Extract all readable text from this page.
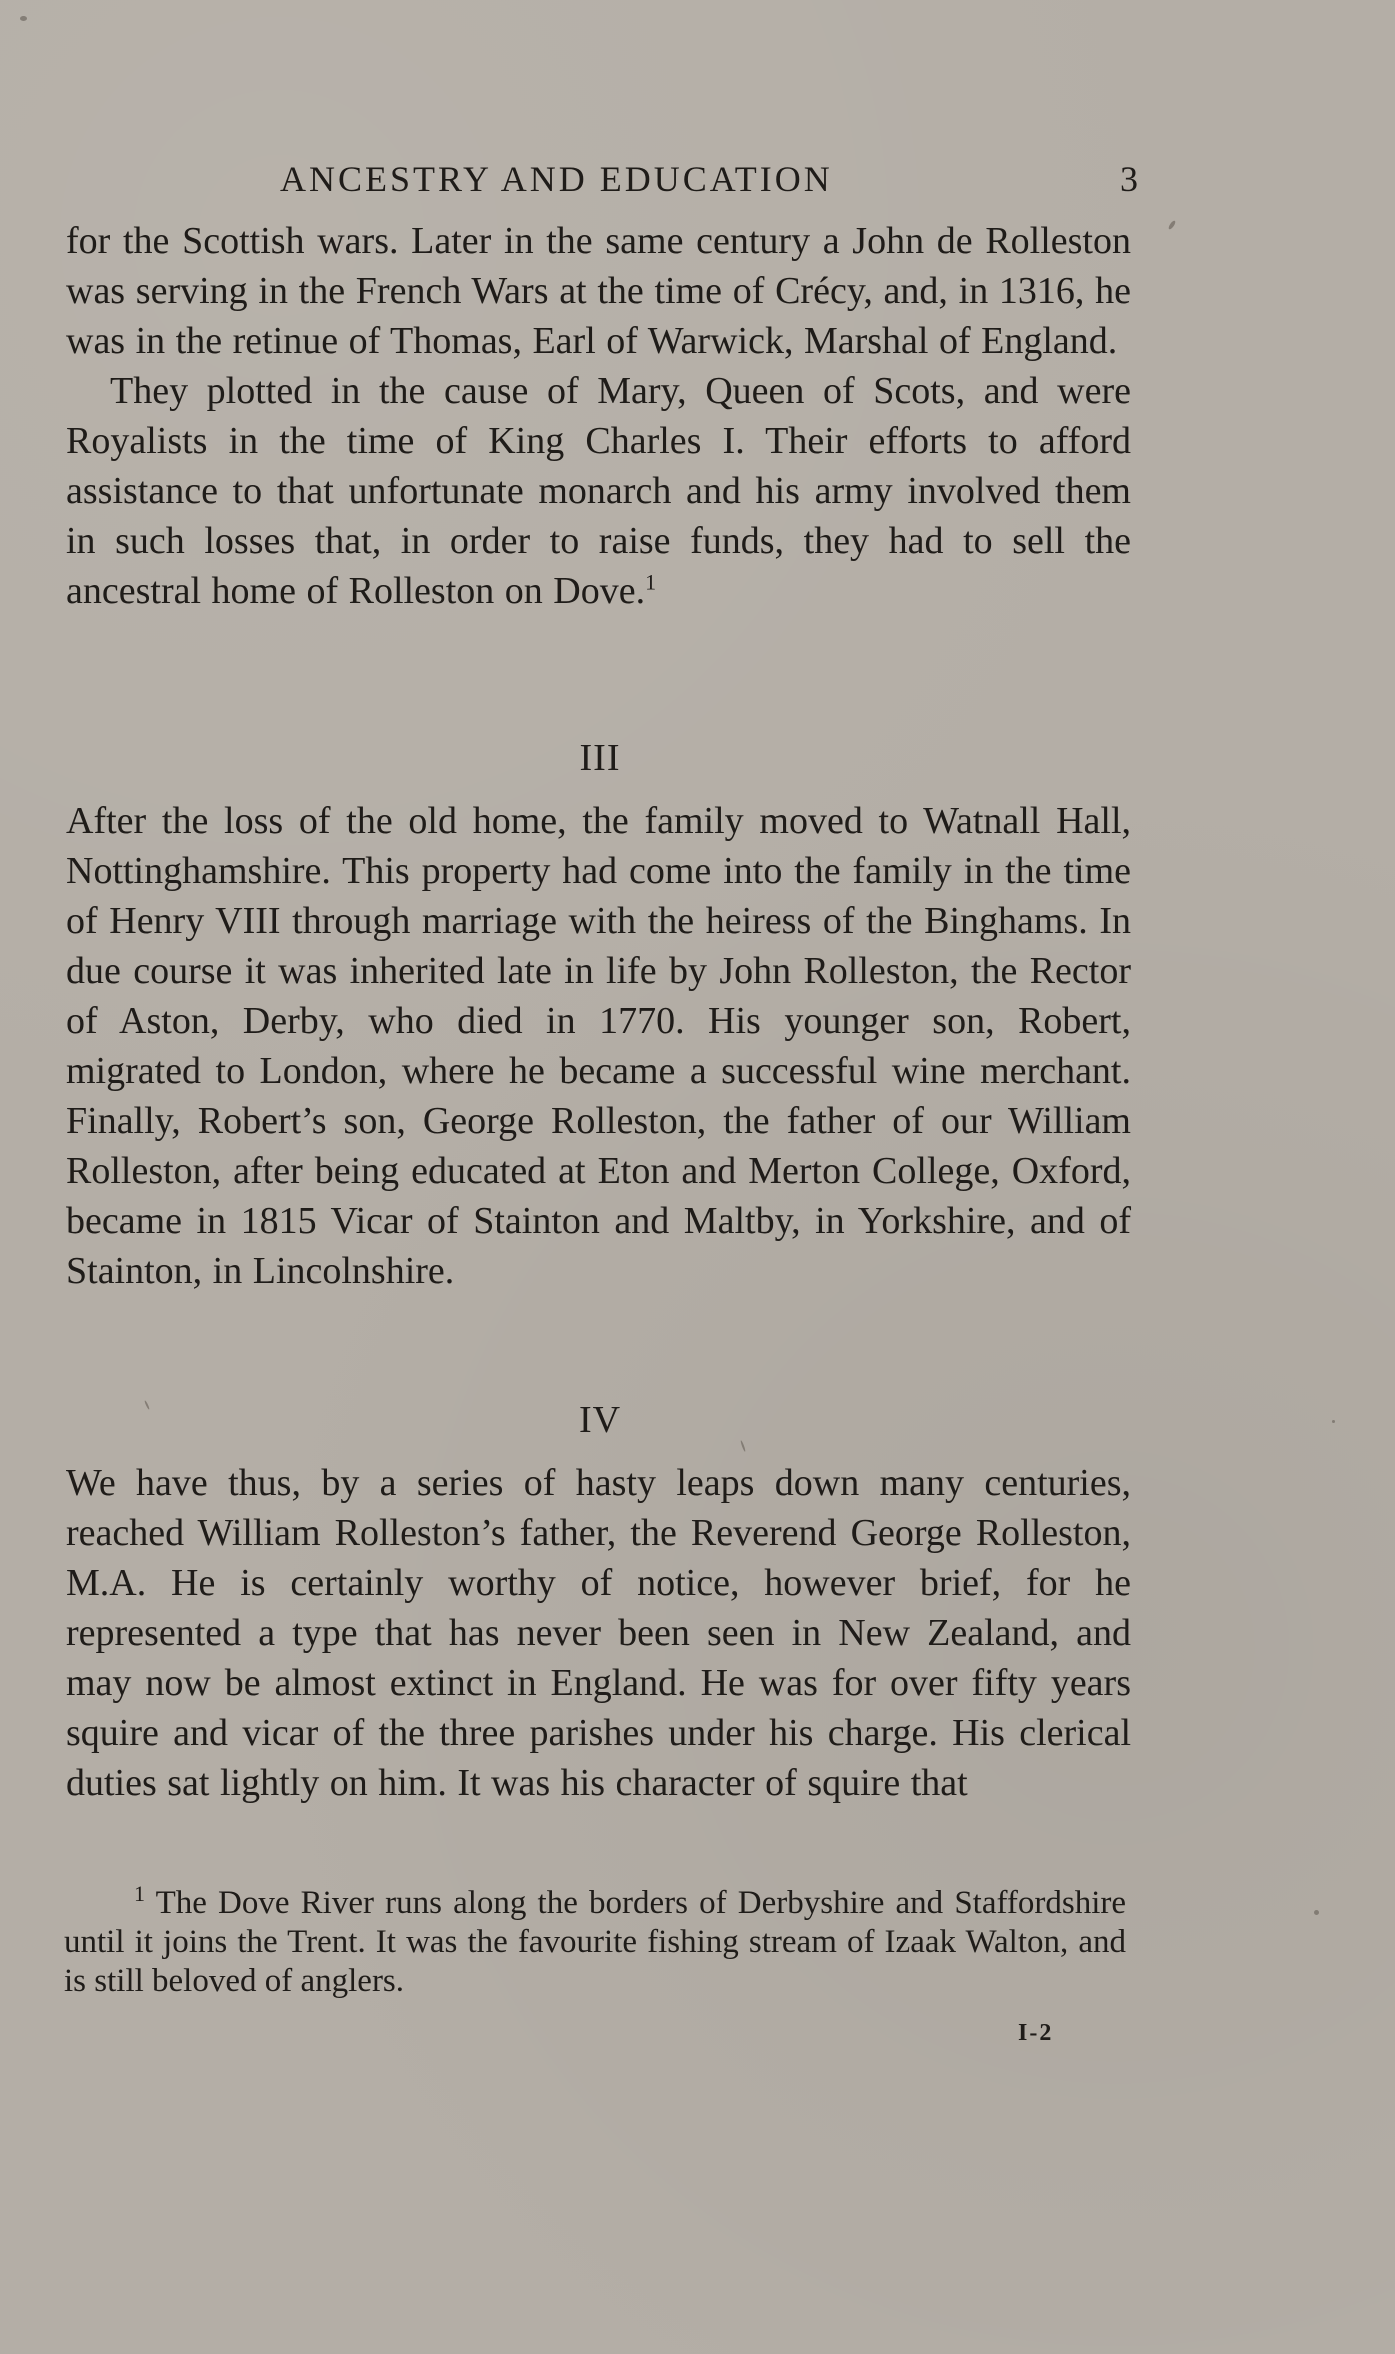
ANCESTRY AND EDUCATION	3

for the Scottish wars. Later in the same century a John de Rolleston was serving in the French Wars at the time of Crécy, and, in 1316, he was in the retinue of Thomas, Earl of Warwick, Marshal of England.

They plotted in the cause of Mary, Queen of Scots, and were Royalists in the time of King Charles I. Their efforts to afford assistance to that unfortunate monarch and his army involved them in such losses that, in order to raise funds, they had to sell the ancestral home of Rolleston on Dove.$^1$

III

After the loss of the old home, the family moved to Watnall Hall, Nottinghamshire. This property had come into the family in the time of Henry VIII through marriage with the heiress of the Binghams. In due course it was inherited late in life by John Rolleston, the Rector of Aston, Derby, who died in 1770. His younger son, Robert, migrated to London, where he became a successful wine merchant. Finally, Robert’s son, George Rolleston, the father of our William Rolleston, after being educated at Eton and Merton College, Oxford, became in 1815 Vicar of Stainton and Maltby, in Yorkshire, and of Stainton, in Lincolnshire.

IV

We have thus, by a series of hasty leaps down many centuries, reached William Rolleston’s father, the Reverend George Rolleston, M.A. He is certainly worthy of notice, however brief, for he represented a type that has never been seen in New Zealand, and may now be almost extinct in England. He was for over fifty years squire and vicar of the three parishes under his charge. His clerical duties sat lightly on him. It was his character of squire that

$^1$ The Dove River runs along the borders of Derbyshire and Staffordshire until it joins the Trent. It was the favourite fishing stream of Izaak Walton, and is still beloved of anglers.

I-2
